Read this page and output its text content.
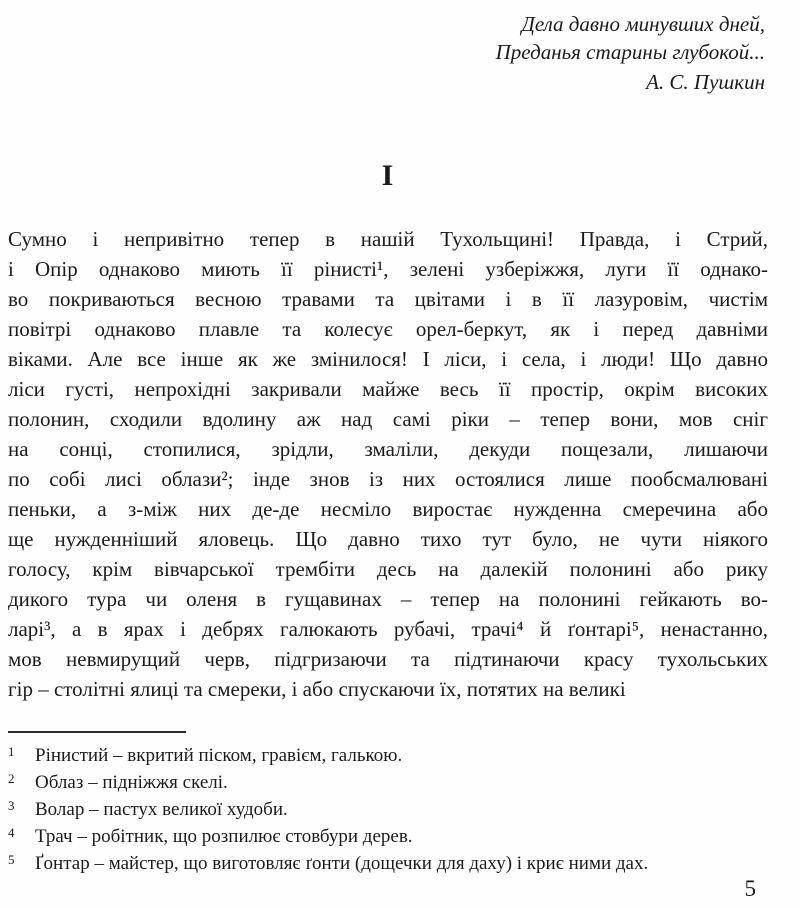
Дела давно минувших дней,
Преданья старины глубокой...
А. С. Пушкин
I
Сумно і непривітно тепер в нашій Тухольщині! Правда, і Стрий,
і Опір однаково миють її рінисті¹, зелені узберіжжя, луги її однако-
во покриваються весною травами та цвітами і в її лазуровім, чистім
повітрі однаково плавле та колесує орел-беркут, як і перед давніми
віками. Але все інше як же змінилося! І ліси, і села, і люди! Що давно
ліси густі, непрохідні закривали майже весь її простір, окрім високих
полонин, сходили вдолину аж над самі ріки – тепер вони, мов сніг
на сонці, стопилися, зрідли, змаліли, декуди пощезали, лишаючи
по собі лисі облази²; інде знов із них остоялися лише пообсмалювані
пеньки, а з-між них де-де несміло виростає нужденна смеречина або
ще нужденніший яловець. Що давно тихо тут було, не чути ніякого
голосу, крім вівчарської трембіти десь на далекій полонині або рику
дикого тура чи оленя в гущавинах – тепер на полонині гейкають во-
ларі³, а в ярах і дебрях галюкають рубачі, трачі⁴ й ґонтарі⁵, ненастанно,
мов невмирущий черв, підгризаючи та підтинаючи красу тухольських
гір – столітні ялиці та смереки, і або спускаючи їх, потятих на великі
1	Рінистий – вкритий піском, гравієм, галькою.
2	Облаз – підніжжя скелі.
3	Волар – пастух великої худоби.
4	Трач – робітник, що розпилює стовбури дерев.
5	Ґонтар – майстер, що виготовляє ґонти (дощечки для даху) і криє ними дах.
5
